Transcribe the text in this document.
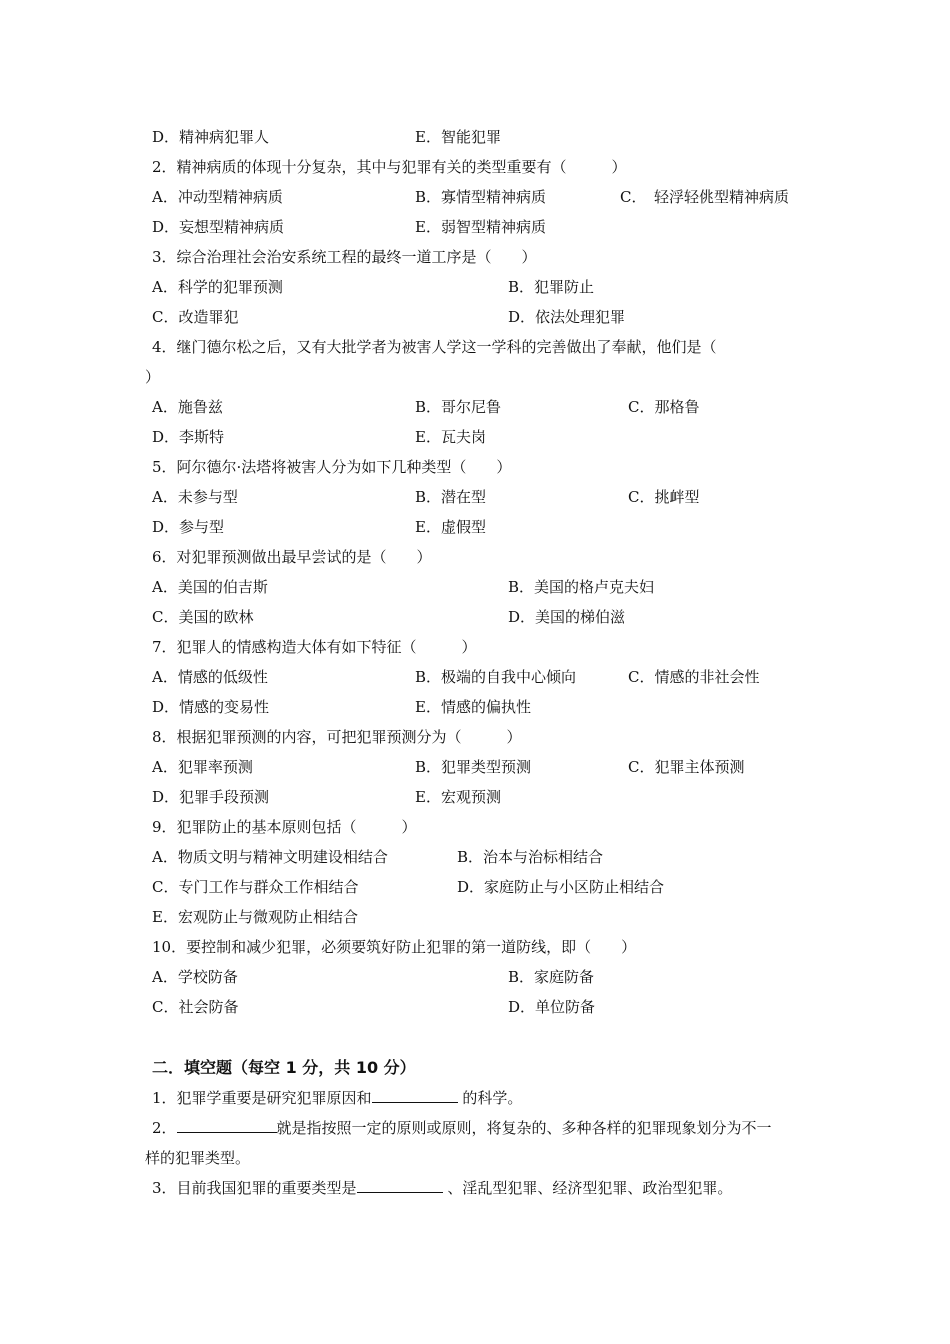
D．精神病犯罪人	E．智能犯罪
2．精神病质的体现十分复杂，其中与犯罪有关的类型重要有（　　　）
A．冲动型精神病质	B．寡情型精神病质	C．　轻浮轻佻型精神病质
D．妄想型精神病质	E．弱智型精神病质
3．综合治理社会治安系统工程的最终一道工序是（　　）
A．科学的犯罪预测	B．犯罪防止
C．改造罪犯	D．依法处理犯罪
4．继门德尔松之后，又有大批学者为被害人学这一学科的完善做出了奉献，他们是（
）
A．施鲁兹	B．哥尔尼鲁	C．那格鲁
D．李斯特	E．瓦夫岗
5．阿尔德尔·法塔将被害人分为如下几种类型（　　）
A．未参与型	B．潜在型	C．挑衅型
D．参与型	E．虚假型
6．对犯罪预测做出最早尝试的是（　　）
A．美国的伯吉斯	B．美国的格卢克夫妇
C．美国的欧林	D．美国的梯伯滋
7．犯罪人的情感构造大体有如下特征（　　　）
A．情感的低级性	B．极端的自我中心倾向	C．情感的非社会性
D．情感的变易性	E．情感的偏执性
8．根据犯罪预测的内容，可把犯罪预测分为（　　　）
A．犯罪率预测	B．犯罪类型预测	C．犯罪主体预测
D．犯罪手段预测	E．宏观预测
9．犯罪防止的基本原则包括（　　　）
A．物质文明与精神文明建设相结合	B．治本与治标相结合
C．专门工作与群众工作相结合	D．家庭防止与小区防止相结合
E．宏观防止与微观防止相结合
10．要控制和减少犯罪，必须要筑好防止犯罪的第一道防线，即（　　）
A．学校防备	B．家庭防备
C．社会防备	D．单位防备
二．填空题（每空 1 分，共 10 分）
1．犯罪学重要是研究犯罪原因和	的科学。
2．	就是指按照一定的原则或原则，将复杂的、多种各样的犯罪现象划分为不一
样的犯罪类型。
3．目前我国犯罪的重要类型是	、淫乱型犯罪、经济型犯罪、政治型犯罪。
